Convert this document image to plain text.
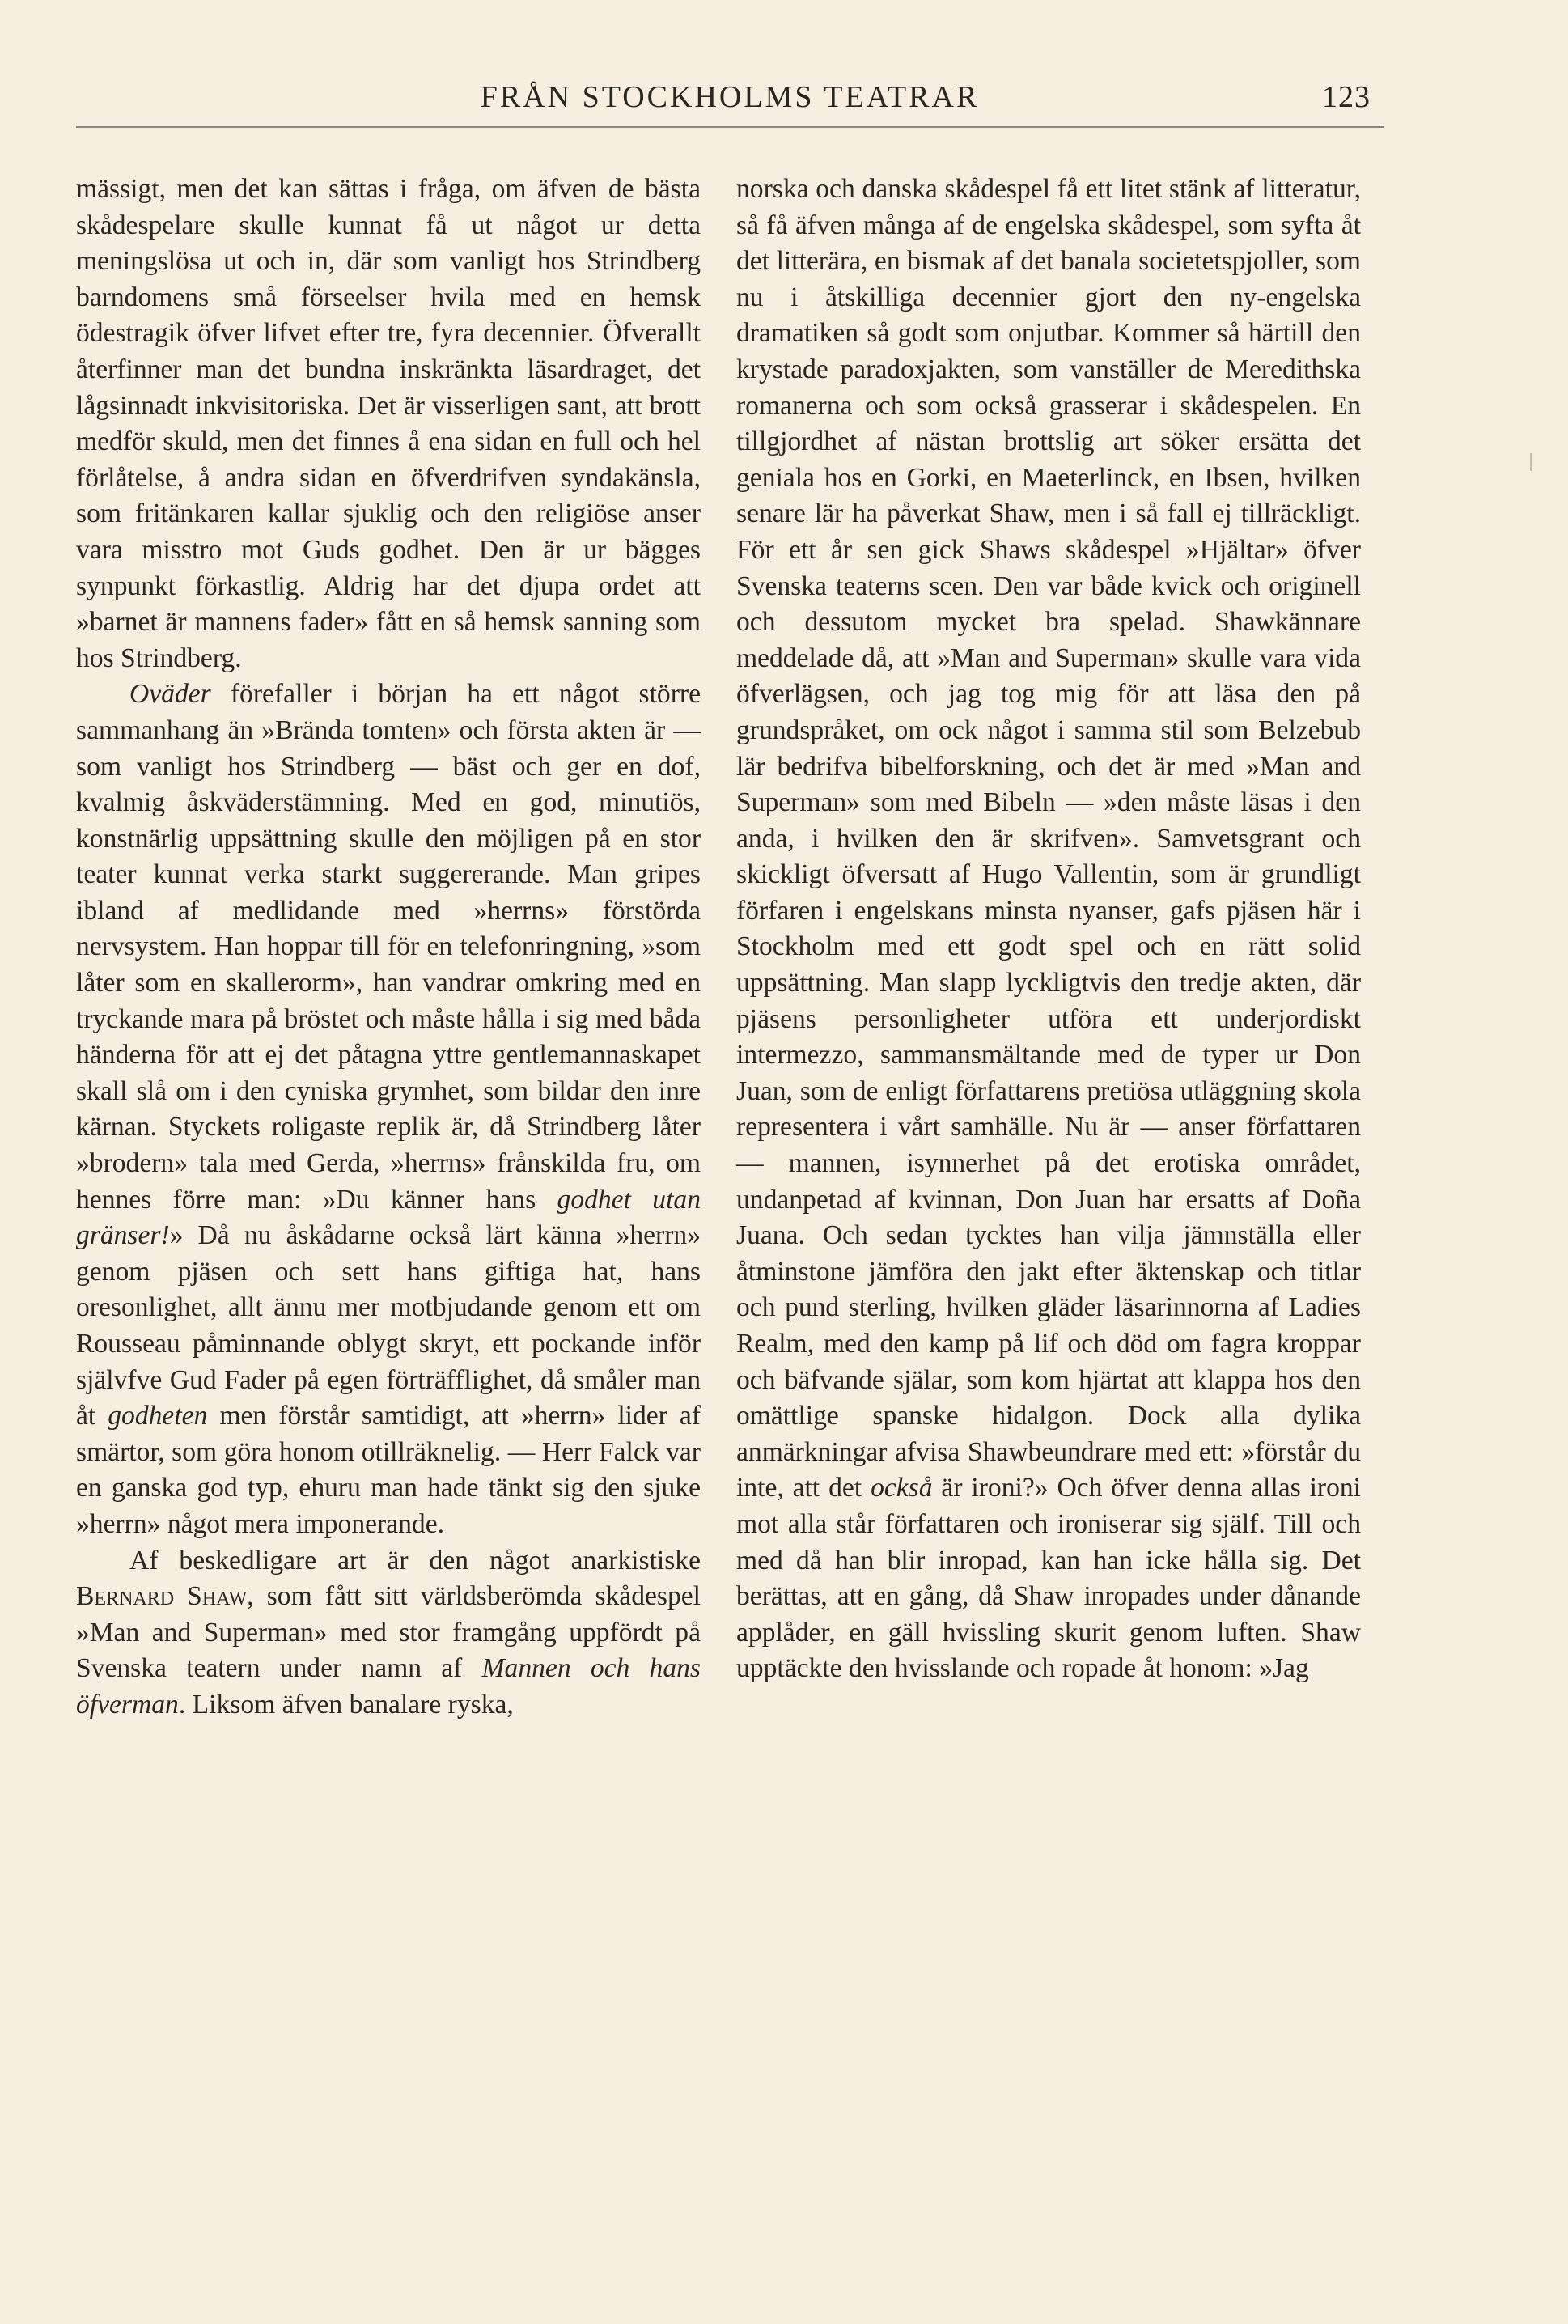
FRÅN STOCKHOLMS TEATRAR	123

mässigt, men det kan sättas i fråga, om äfven de bästa skådespelare skulle kunnat få ut något ur detta meningslösa ut och in, där som vanligt hos Strindberg barndomens små förseelser hvila med en hemsk ödestragik öfver lifvet efter tre, fyra decennier. Öfverallt återfinner man det bundna inskränkta läsardraget, det lågsinnadt inkvisitoriska. Det är visserligen sant, att brott medför skuld, men det finnes å ena sidan en full och hel förlåtelse, å andra sidan en öfverdrifven syndakänsla, som fritänkaren kallar sjuklig och den religiöse anser vara misstro mot Guds godhet. Den är ur bägges synpunkt förkastlig. Aldrig har det djupa ordet att »barnet är mannens fader» fått en så hemsk sanning som hos Strindberg.

Oväder förefaller i början ha ett något större sammanhang än »Brända tomten» och första akten är — som vanligt hos Strindberg — bäst och ger en dof, kvalmig åskväderstämning. Med en god, minutiös, konstnärlig uppsättning skulle den möjligen på en stor teater kunnat verka starkt suggererande. Man gripes ibland af medlidande med »herrns» förstörda nervsystem. Han hoppar till för en telefonringning, »som låter som en skallerorm», han vandrar omkring med en tryckande mara på bröstet och måste hålla i sig med båda händerna för att ej det påtagna yttre gentlemannaskapet skall slå om i den cyniska grymhet, som bildar den inre kärnan. Styckets roligaste replik är, då Strindberg låter »brodern» tala med Gerda, »herrns» frånskilda fru, om hennes förre man: »Du känner hans godhet utan gränser!» Då nu åskådarne också lärt känna »herrn» genom pjäsen och sett hans giftiga hat, hans oresonlighet, allt ännu mer motbjudande genom ett om Rousseau påminnande oblygt skryt, ett pockande inför självfve Gud Fader på egen förträfflighet, då småler man åt godheten men förstår samtidigt, att »herrn» lider af smärtor, som göra honom otillräknelig. — Herr Falck var en ganska god typ, ehuru man hade tänkt sig den sjuke »herrn» något mera imponerande.

Af beskedligare art är den något anarkistiske Bernard Shaw, som fått sitt världsberömda skådespel »Man and Superman» med stor framgång uppfördt på Svenska teatern under namn af Mannen och hans öfverman. Liksom äfven banalare ryska,

norska och danska skådespel få ett litet stänk af litteratur, så få äfven många af de engelska skådespel, som syfta åt det litterära, en bismak af det banala societetspjoller, som nu i åtskilliga decennier gjort den ny-engelska dramatiken så godt som onjutbar. Kommer så härtill den krystade paradoxjakten, som vanställer de Meredithska romanerna och som också grasserar i skådespelen. En tillgjordhet af nästan brottslig art söker ersätta det geniala hos en Gorki, en Maeterlinck, en Ibsen, hvilken senare lär ha påverkat Shaw, men i så fall ej tillräckligt. För ett år sen gick Shaws skådespel »Hjältar» öfver Svenska teaterns scen. Den var både kvick och originell och dessutom mycket bra spelad. Shawkännare meddelade då, att »Man and Superman» skulle vara vida öfverlägsen, och jag tog mig för att läsa den på grundspråket, om ock något i samma stil som Belzebub lär bedrifva bibelforskning, och det är med »Man and Superman» som med Bibeln — »den måste läsas i den anda, i hvilken den är skrifven». Samvetsgrant och skickligt öfversatt af Hugo Vallentin, som är grundligt förfaren i engelskans minsta nyanser, gafs pjäsen här i Stockholm med ett godt spel och en rätt solid uppsättning. Man slapp lyckligtvis den tredje akten, där pjäsens personligheter utföra ett underjordiskt intermezzo, sammansmältande med de typer ur Don Juan, som de enligt författarens pretiösa utläggning skola representera i vårt samhälle. Nu är — anser författaren — mannen, isynnerhet på det erotiska området, undanpetad af kvinnan, Don Juan har ersatts af Doña Juana. Och sedan tycktes han vilja jämnställa eller åtminstone jämföra den jakt efter äktenskap och titlar och pund sterling, hvilken gläder läsarinnorna af Ladies Realm, med den kamp på lif och död om fagra kroppar och bäfvande själar, som kom hjärtat att klappa hos den omättlige spanske hidalgon. Dock alla dylika anmärkningar afvisa Shawbeundrare med ett: »förstår du inte, att det också är ironi?» Och öfver denna allas ironi mot alla står författaren och ironiserar sig själf. Till och med då han blir inropad, kan han icke hålla sig. Det berättas, att en gång, då Shaw inropades under dånande applåder, en gäll hvissling skurit genom luften. Shaw upptäckte den hvisslande och ropade åt honom: »Jag
